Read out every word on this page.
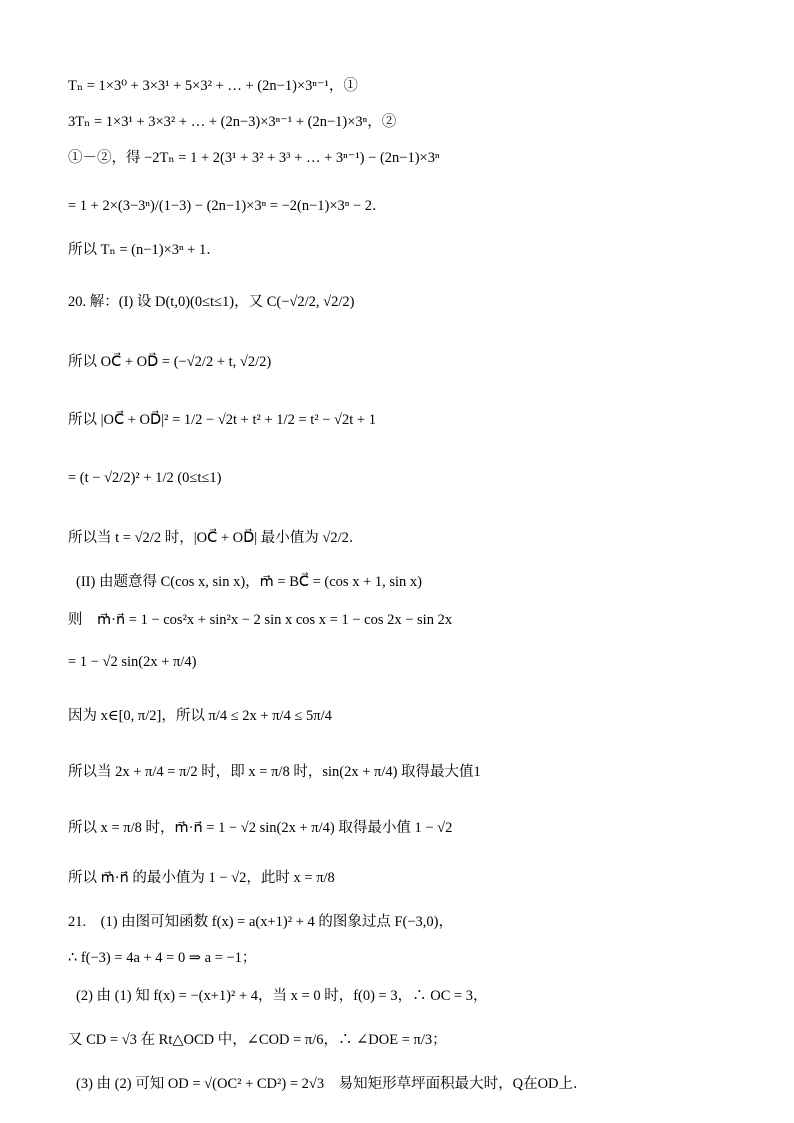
Tₙ = 1×3⁰ + 3×3¹ + 5×3² + … + (2n−1)×3ⁿ⁻¹，①
3Tₙ = 1×3¹ + 3×3² + … + (2n−3)×3ⁿ⁻¹ + (2n−1)×3ⁿ，②
①－②，得 −2Tₙ = 1 + 2(3¹ + 3² + 3³ + … + 3ⁿ⁻¹) − (2n−1)×3ⁿ
= 1 + 2×(3−3ⁿ)/(1−3) − (2n−1)×3ⁿ = −2(n−1)×3ⁿ − 2．
所以 Tₙ = (n−1)×3ⁿ + 1．
20. 解：(I) 设 D(t,0)(0≤t≤1)，又 C(−√2/2, √2/2)
所以 OC⃗ + OD⃗ = (−√2/2 + t, √2/2)
所以 |OC⃗ + OD⃗|² = 1/2 − √2t + t² + 1/2 = t² − √2t + 1
= (t − √2/2)² + 1/2 (0≤t≤1)
所以当 t = √2/2 时，|OC⃗ + OD⃗| 最小值为 √2/2．
(II) 由题意得 C(cos x, sin x)，m⃗ = BC⃗ = (cos x + 1, sin x)
则　m⃗·n⃗ = 1 − cos²x + sin²x − 2 sin x cos x = 1 − cos 2x − sin 2x
= 1 − √2 sin(2x + π/4)
因为 x∈[0, π/2]，所以 π/4 ≤ 2x + π/4 ≤ 5π/4
所以当 2x + π/4 = π/2 时，即 x = π/8 时，sin(2x + π/4) 取得最大值1
所以 x = π/8 时，m⃗·n⃗ = 1 − √2 sin(2x + π/4) 取得最小值 1 − √2
所以 m⃗·n⃗ 的最小值为 1 − √2，此时 x = π/8
21.　(1) 由图可知函数 f(x) = a(x+1)² + 4 的图象过点 F(−3,0)，
∴ f(−3) = 4a + 4 = 0 ⇒ a = −1；
(2) 由 (1) 知 f(x) = −(x+1)² + 4，当 x = 0 时，f(0) = 3，∴ OC = 3，
又 CD = √3 在 Rt△OCD 中，∠COD = π/6，∴ ∠DOE = π/3；
(3) 由 (2) 可知 OD = √(OC² + CD²) = 2√3　易知矩形草坪面积最大时，Q在OD上．
